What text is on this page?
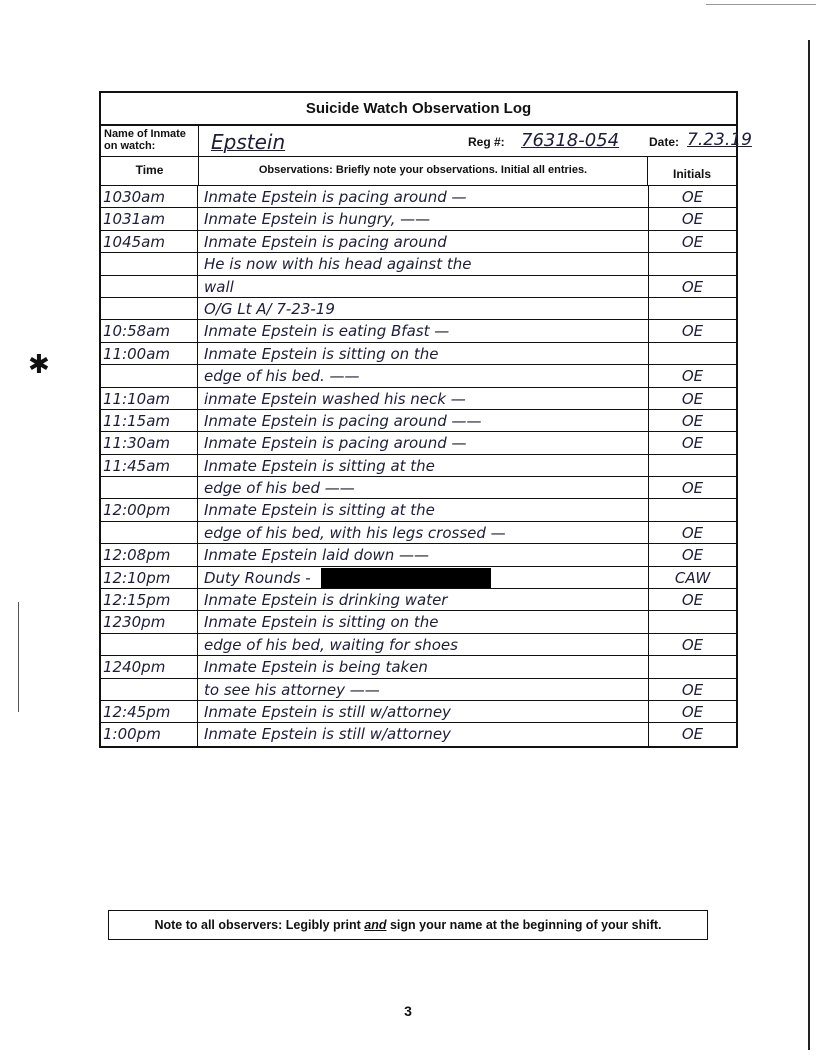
✱
Suicide Watch Observation Log
Name of Inmate on watch:	Epstein	Reg #: 76318-054 Date: 7.23.19
Time	Observations: Briefly note your observations. Initial all entries.	Initials
1030am	Inmate Epstein is pacing around —	OE
1031am	Inmate Epstein is hungry, ——	OE
1045am	Inmate Epstein is pacing around	OE
He is now with his head against the
wall	OE
O/G Lt A/ 7-23-19
10:58am	Inmate Epstein is eating Bfast —	OE
11:00am	Inmate Epstein is sitting on the
edge of his bed. ——	OE
11:10am	inmate Epstein washed his neck —	OE
11:15am	Inmate Epstein is pacing around ——	OE
11:30am	Inmate Epstein is pacing around —	OE
11:45am	Inmate Epstein is sitting at the
edge of his bed ——	OE
12:00pm	Inmate Epstein is sitting at the
edge of his bed, with his legs crossed —	OE
12:08pm	Inmate Epstein laid down ——	OE
12:10pm	Duty Rounds -	CAW
12:15pm	Inmate Epstein is drinking water	OE
1230pm	Inmate Epstein is sitting on the
edge of his bed, waiting for shoes	OE
1240pm	Inmate Epstein is being taken
to see his attorney ——	OE
12:45pm	Inmate Epstein is still w/attorney	OE
1:00pm	Inmate Epstein is still w/attorney	OE
Note to all observers: Legibly print and sign your name at the beginning of your shift.
3
